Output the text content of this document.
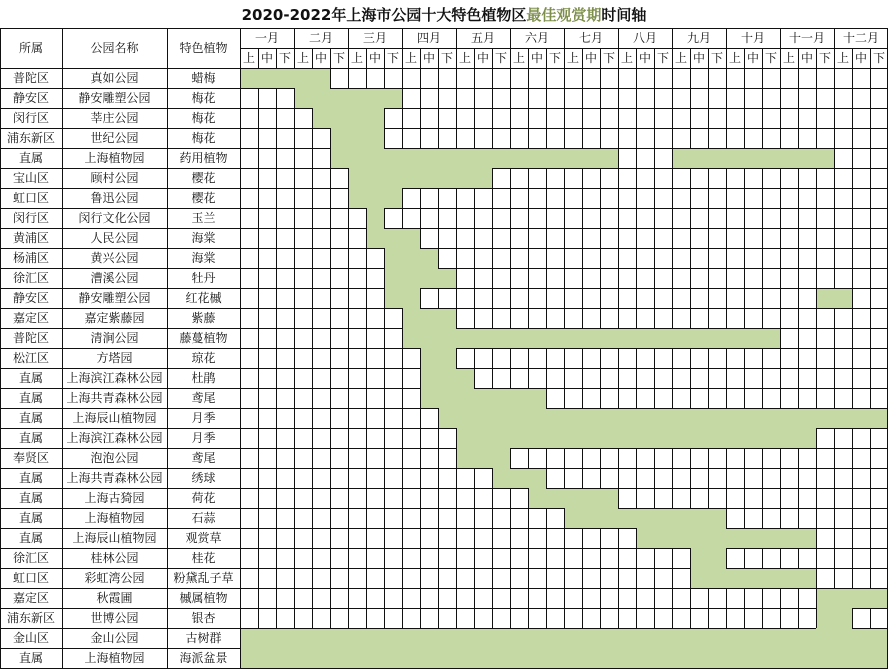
2020-2022年上海市公园十大特色植物区最佳观赏期时间轴
所属	公园名称	特色植物
一月	二月	三月	四月	五月	六月	七月	八月	九月	十月	十一月	十二月
上 中 下 上 中 下 上 中 下 上 中 下 上 中 下 上 中 下 上 中 下 上 中 下 上 中 下 上 中 下 上 中 下 上 中 下
普陀区	真如公园	蜡梅
静安区	静安雕塑公园	梅花
闵行区	莘庄公园	梅花
浦东新区	世纪公园	梅花
直属	上海植物园	药用植物
宝山区	顾村公园	樱花
虹口区	鲁迅公园	樱花
闵行区	闵行文化公园	玉兰
黄浦区	人民公园	海棠
杨浦区	黄兴公园	海棠
徐汇区	漕溪公园	牡丹
静安区	静安雕塑公园	红花槭
嘉定区	嘉定紫藤园	紫藤
普陀区	清涧公园	藤蔓植物
松江区	方塔园	琼花
直属	上海滨江森林公园	杜鹃
直属	上海共青森林公园	鸢尾
直属	上海辰山植物园	月季
直属	上海滨江森林公园	月季
奉贤区	泡泡公园	鸢尾
直属	上海共青森林公园	绣球
直属	上海古猗园	荷花
直属	上海植物园	石蒜
直属	上海辰山植物园	观赏草
徐汇区	桂林公园	桂花
虹口区	彩虹湾公园	粉黛乱子草
嘉定区	秋霞圃	槭属植物
浦东新区	世博公园	银杏
金山区	金山公园	古树群
直属	上海植物园	海派盆景
